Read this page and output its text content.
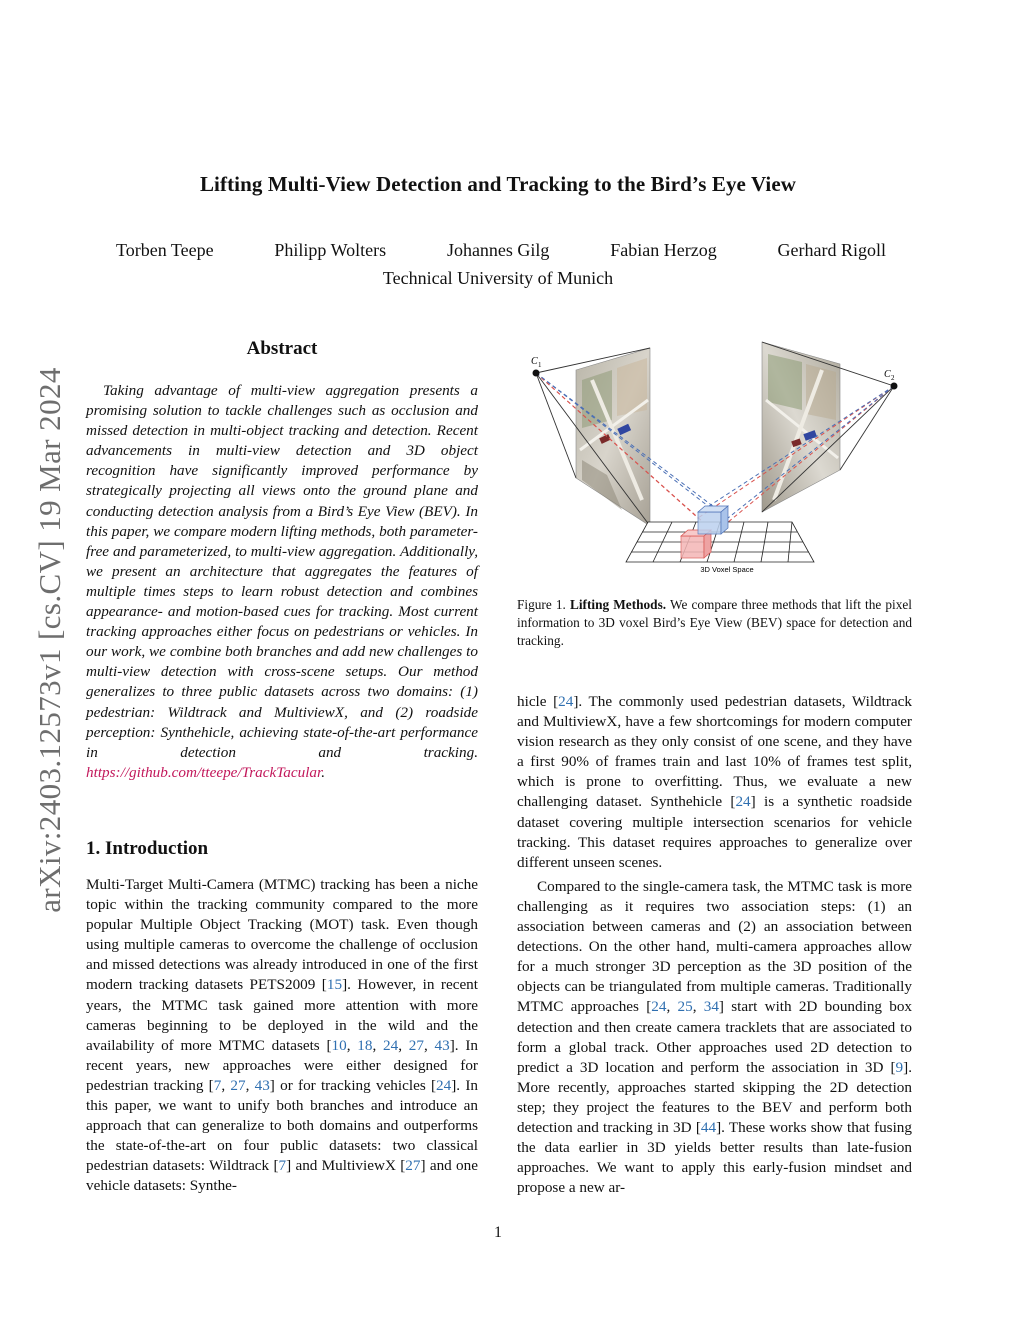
Lifting Multi-View Detection and Tracking to the Bird’s Eye View
Torben Teepe	Philipp Wolters	Johannes Gilg	Fabian Herzog	Gerhard Rigoll
Technical University of Munich
arXiv:2403.12573v1 [cs.CV] 19 Mar 2024
Abstract
Taking advantage of multi-view aggregation presents a promising solution to tackle challenges such as occlusion and missed detection in multi-object tracking and detection. Recent advancements in multi-view detection and 3D object recognition have significantly improved performance by strategically projecting all views onto the ground plane and conducting detection analysis from a Bird’s Eye View (BEV). In this paper, we compare modern lifting methods, both parameter-free and parameterized, to multi-view aggregation. Additionally, we present an architecture that aggregates the features of multiple times steps to learn robust detection and combines appearance- and motion-based cues for tracking. Most current tracking approaches either focus on pedestrians or vehicles. In our work, we combine both branches and add new challenges to multi-view detection with cross-scene setups. Our method generalizes to three public datasets across two domains: (1) pedestrian: Wildtrack and MultiviewX, and (2) roadside perception: Synthehicle, achieving state-of-the-art performance in detection and tracking. https://github.com/tteepe/TrackTacular.
1. Introduction
Multi-Target Multi-Camera (MTMC) tracking has been a niche topic within the tracking community compared to the more popular Multiple Object Tracking (MOT) task. Even though using multiple cameras to overcome the challenge of occlusion and missed detections was already introduced in one of the first modern tracking datasets PETS2009 [15]. However, in recent years, the MTMC task gained more attention with more cameras beginning to be deployed in the wild and the availability of more MTMC datasets [10, 18, 24, 27, 43]. In recent years, new approaches were either designed for pedestrian tracking [7, 27, 43] or for tracking vehicles [24]. In this paper, we want to unify both branches and introduce an approach that can generalize to both domains and outperforms the state-of-the-art on four public datasets: two classical pedestrian datasets: Wildtrack [7] and MultiviewX [27] and one vehicle datasets: Synthe-
C 1
C 2
3D Voxel Space
Figure 1. Lifting Methods. We compare three methods that lift the pixel information to 3D voxel Bird’s Eye View (BEV) space for detection and tracking.

hicle [24]. The commonly used pedestrian datasets, Wildtrack and MultiviewX, have a few shortcomings for modern computer vision research as they only consist of one scene, and they have a first 90% of frames train and last 10% of frames test split, which is prone to overfitting. Thus, we evaluate a new challenging dataset. Synthehicle [24] is a synthetic roadside dataset covering multiple intersection scenarios for vehicle tracking. This dataset requires approaches to generalize over different unseen scenes.

Compared to the single-camera task, the MTMC task is more challenging as it requires two association steps: (1) an association between cameras and (2) an association between detections. On the other hand, multi-camera approaches allow for a much stronger 3D perception as the 3D position of the objects can be triangulated from multiple cameras. Traditionally MTMC approaches [24, 25, 34] start with 2D bounding box detection and then create camera tracklets that are associated to form a global track. Other approaches used 2D detection to predict a 3D location and perform the association in 3D [9]. More recently, approaches started skipping the 2D detection step; they project the features to the BEV and perform both detection and tracking in 3D [44]. These works show that fusing the data earlier in 3D yields better results than late-fusion approaches. We want to apply this early-fusion mindset and propose a new ar-

1
